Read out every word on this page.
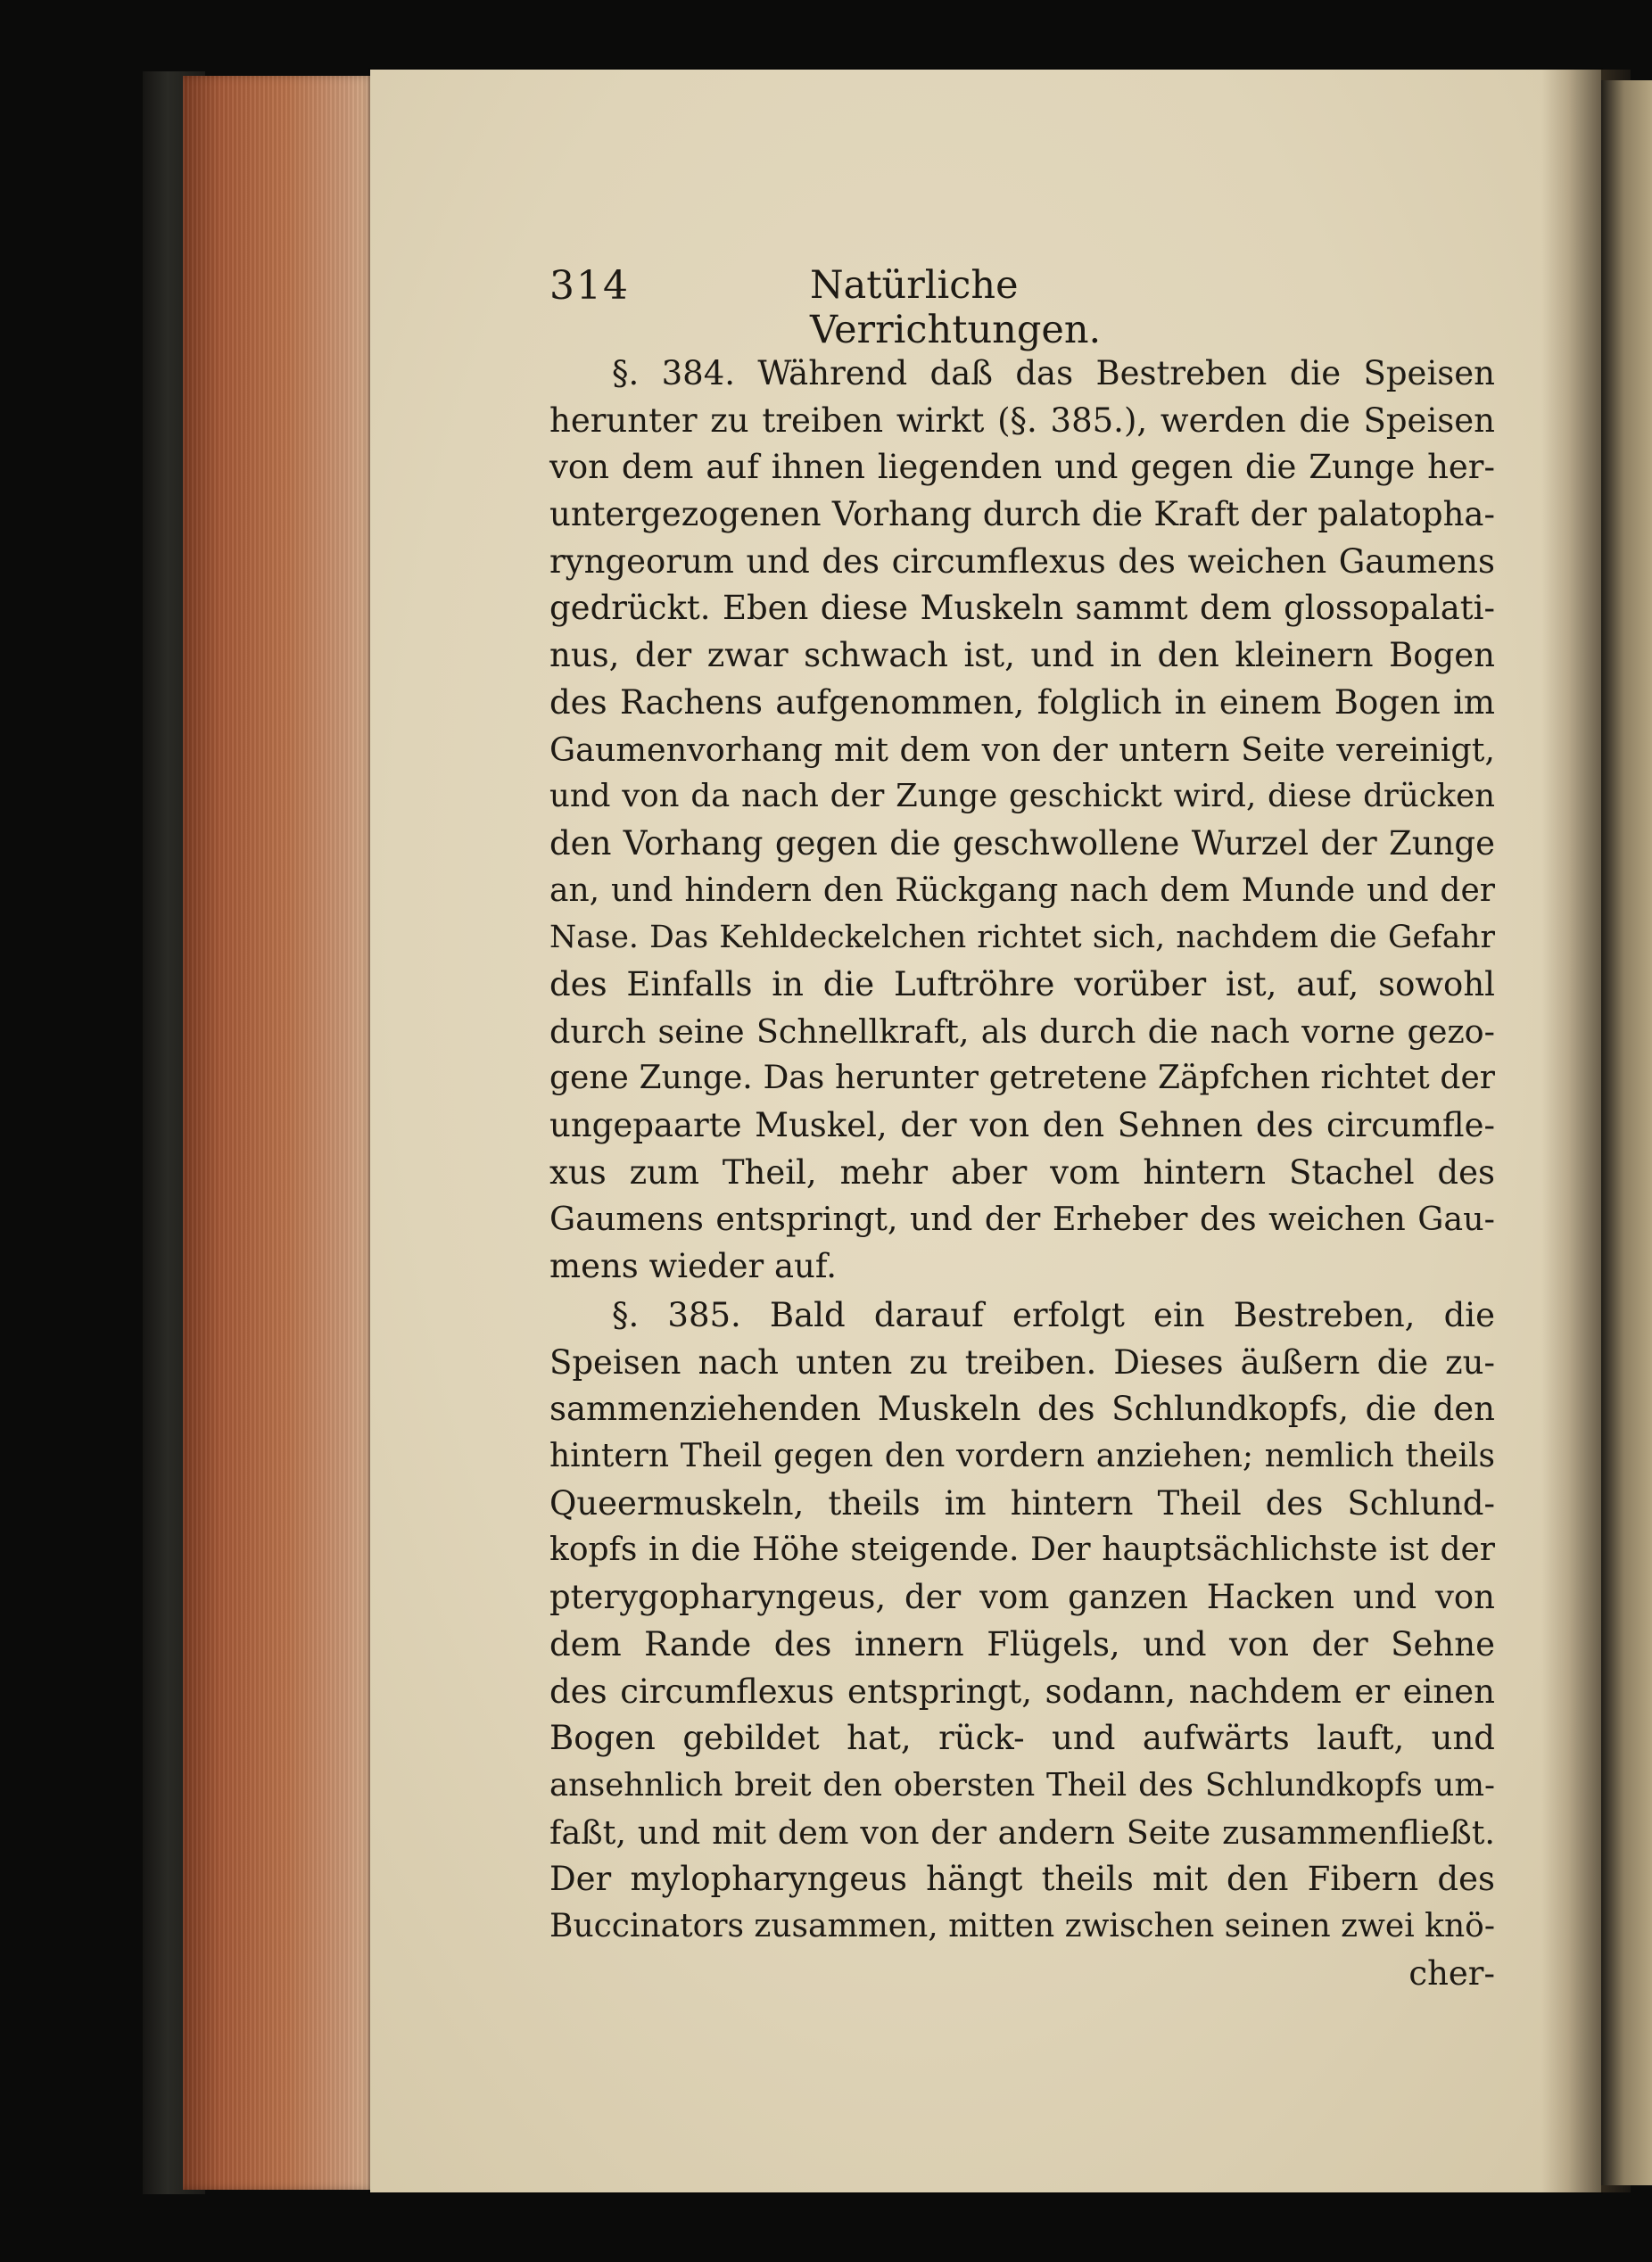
314	Natürliche Verrichtungen.
§. 384. Während daß das Bestreben die Speisen
herunter zu treiben wirkt (§. 385.), werden die Speisen
von dem auf ihnen liegenden und gegen die Zunge her-
untergezogenen Vorhang durch die Kraft der palatopha-
ryngeorum und des circumflexus des weichen Gaumens
gedrückt. Eben diese Muskeln sammt dem glossopalati-
nus, der zwar schwach ist, und in den kleinern Bogen
des Rachens aufgenommen, folglich in einem Bogen im
Gaumenvorhang mit dem von der untern Seite vereinigt,
und von da nach der Zunge geschickt wird, diese drücken
den Vorhang gegen die geschwollene Wurzel der Zunge
an, und hindern den Rückgang nach dem Munde und der
Nase. Das Kehldeckelchen richtet sich, nachdem die Gefahr
des Einfalls in die Luftröhre vorüber ist, auf, sowohl
durch seine Schnellkraft, als durch die nach vorne gezo-
gene Zunge. Das herunter getretene Zäpfchen richtet der
ungepaarte Muskel, der von den Sehnen des circumfle-
xus zum Theil, mehr aber vom hintern Stachel des
Gaumens entspringt, und der Erheber des weichen Gau-
mens wieder auf.
§. 385. Bald darauf erfolgt ein Bestreben, die
Speisen nach unten zu treiben. Dieses äußern die zu-
sammenziehenden Muskeln des Schlundkopfs, die den
hintern Theil gegen den vordern anziehen; nemlich theils
Queermuskeln, theils im hintern Theil des Schlund-
kopfs in die Höhe steigende. Der hauptsächlichste ist der
pterygopharyngeus, der vom ganzen Hacken und von
dem Rande des innern Flügels, und von der Sehne
des circumflexus entspringt, sodann, nachdem er einen
Bogen gebildet hat, rück- und aufwärts lauft, und
ansehnlich breit den obersten Theil des Schlundkopfs um-
faßt, und mit dem von der andern Seite zusammenfließt.
Der mylopharyngeus hängt theils mit den Fibern des
Buccinators zusammen, mitten zwischen seinen zwei knö-
cher-
